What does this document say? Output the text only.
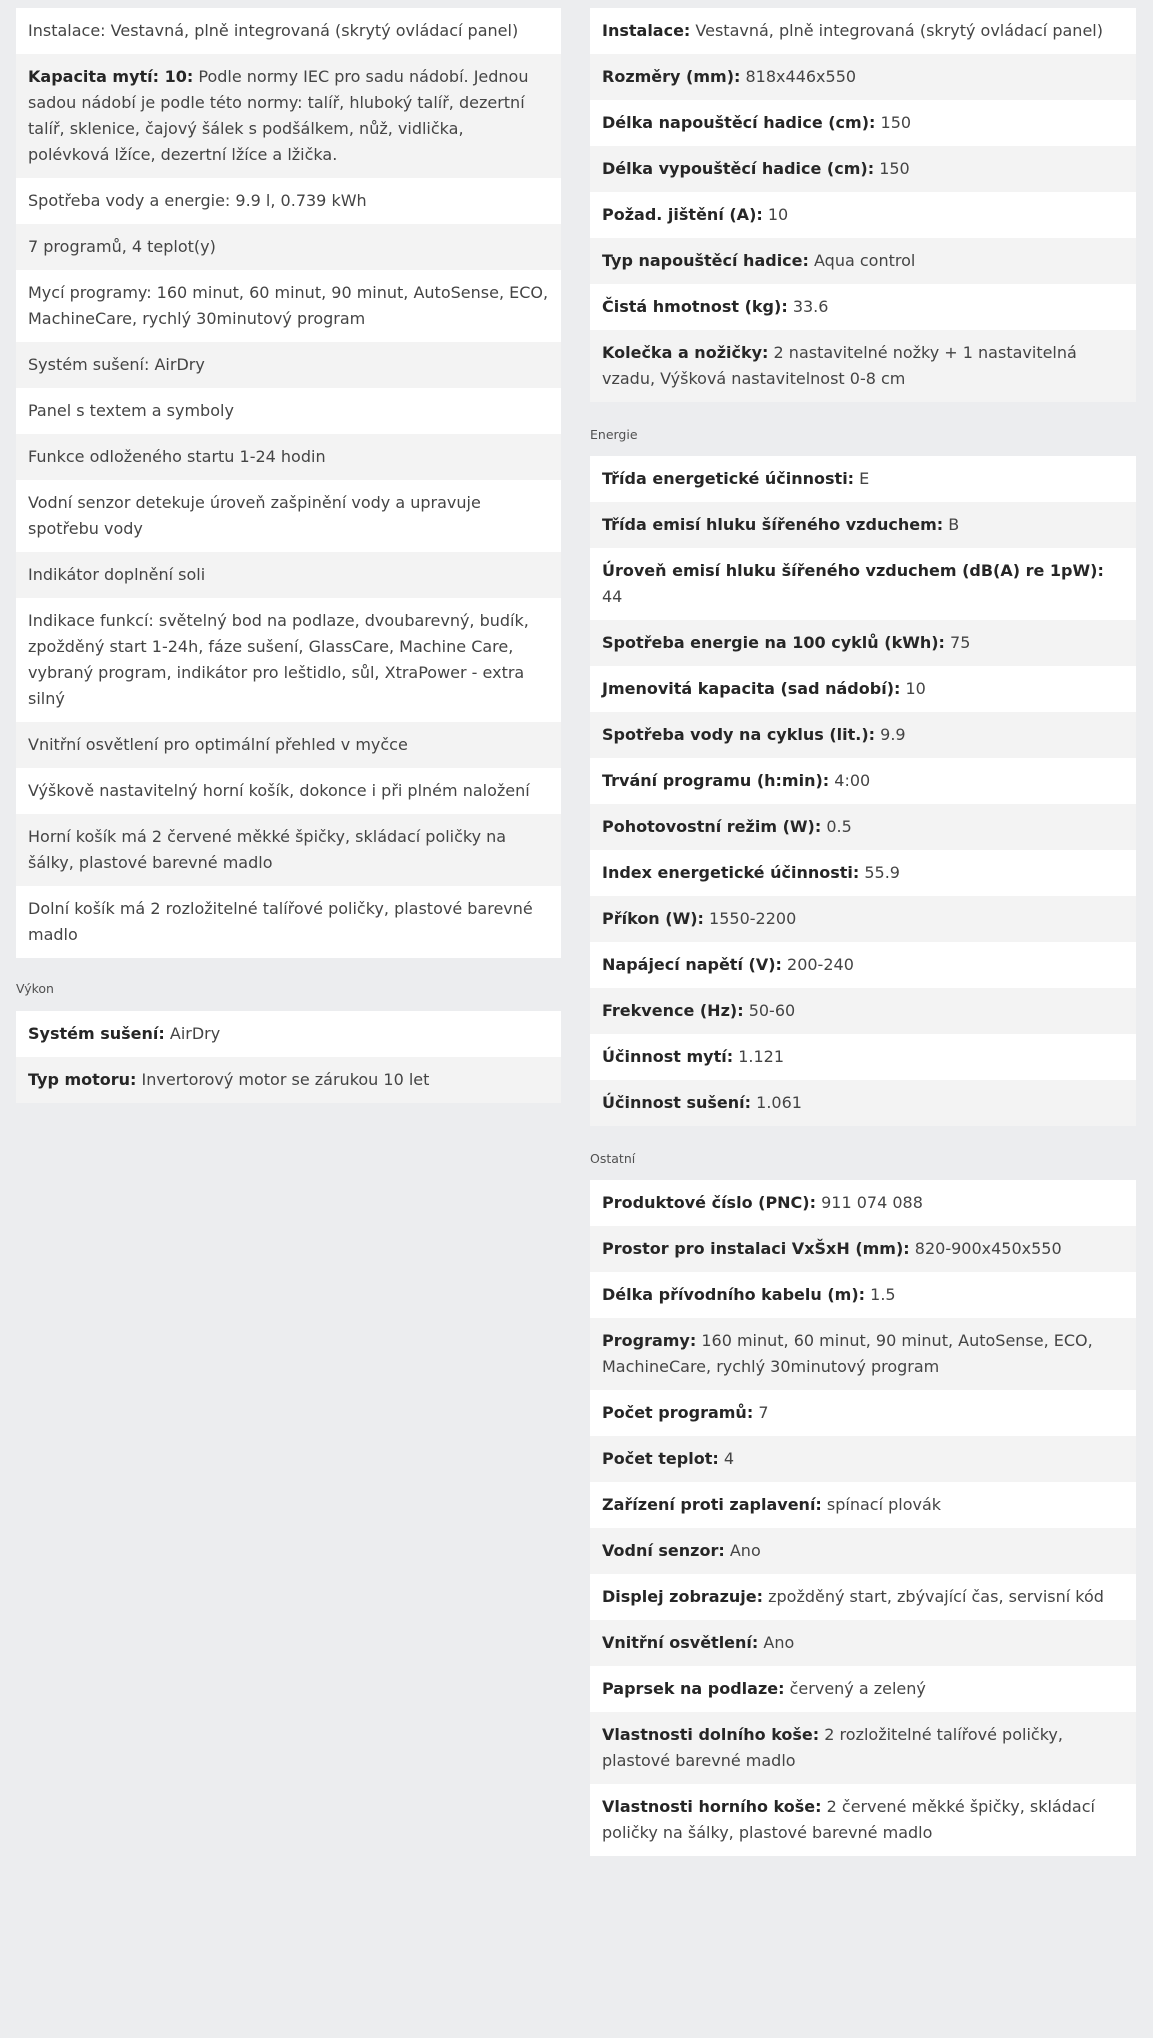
Instalace: Vestavná, plně integrovaná (skrytý ovládací panel)
Kapacita mytí: 10: Podle normy IEC pro sadu nádobí. Jednou sadou nádobí je podle této normy: talíř, hluboký talíř, dezertní talíř, sklenice, čajový šálek s podšálkem, nůž, vidlička, polévková lžíce, dezertní lžíce a lžička.
Spotřeba vody a energie: 9.9 l, 0.739 kWh
7 programů, 4 teplot(y)
Mycí programy: 160 minut, 60 minut, 90 minut, AutoSense, ECO, MachineCare, rychlý 30minutový program
Systém sušení: AirDry
Panel s textem a symboly
Funkce odloženého startu 1-24 hodin
Vodní senzor detekuje úroveň zašpinění vody a upravuje spotřebu vody
Indikátor doplnění soli
Indikace funkcí: světelný bod na podlaze, dvoubarevný, budík, zpožděný start 1-24h, fáze sušení, GlassCare, Machine Care, vybraný program, indikátor pro leštidlo, sůl, XtraPower - extra silný
Vnitřní osvětlení pro optimální přehled v myčce
Výškově nastavitelný horní košík, dokonce i při plném naložení
Horní košík má 2 červené měkké špičky, skládací poličky na šálky, plastové barevné madlo
Dolní košík má 2 rozložitelné talířové poličky, plastové barevné madlo

Výkon

Systém sušení: AirDry
Typ motoru: Invertorový motor se zárukou 10 let
Instalace: Vestavná, plně integrovaná (skrytý ovládací panel)
Rozměry (mm): 818x446x550
Délka napouštěcí hadice (cm): 150
Délka vypouštěcí hadice (cm): 150
Požad. jištění (A): 10
Typ napouštěcí hadice: Aqua control
Čistá hmotnost (kg): 33.6
Kolečka a nožičky: 2 nastavitelné nožky + 1 nastavitelná vzadu, Výšková nastavitelnost 0-8 cm

Energie

Třída energetické účinnosti: E
Třída emisí hluku šířeného vzduchem: B
Úroveň emisí hluku šířeného vzduchem (dB(A) re 1pW): 44
Spotřeba energie na 100 cyklů (kWh): 75
Jmenovitá kapacita (sad nádobí): 10
Spotřeba vody na cyklus (lit.): 9.9
Trvání programu (h:min): 4:00
Pohotovostní režim (W): 0.5
Index energetické účinnosti: 55.9
Příkon (W): 1550-2200
Napájecí napětí (V): 200-240
Frekvence (Hz): 50-60
Účinnost mytí: 1.121
Účinnost sušení: 1.061

Ostatní

Produktové číslo (PNC): 911 074 088
Prostor pro instalaci VxŠxH (mm): 820-900x450x550
Délka přívodního kabelu (m): 1.5
Programy: 160 minut, 60 minut, 90 minut, AutoSense, ECO, MachineCare, rychlý 30minutový program
Počet programů: 7
Počet teplot: 4
Zařízení proti zaplavení: spínací plovák
Vodní senzor: Ano
Displej zobrazuje: zpožděný start, zbývající čas, servisní kód
Vnitřní osvětlení: Ano
Paprsek na podlaze: červený a zelený
Vlastnosti dolního koše: 2 rozložitelné talířové poličky, plastové barevné madlo
Vlastnosti horního koše: 2 červené měkké špičky, skládací poličky na šálky, plastové barevné madlo
